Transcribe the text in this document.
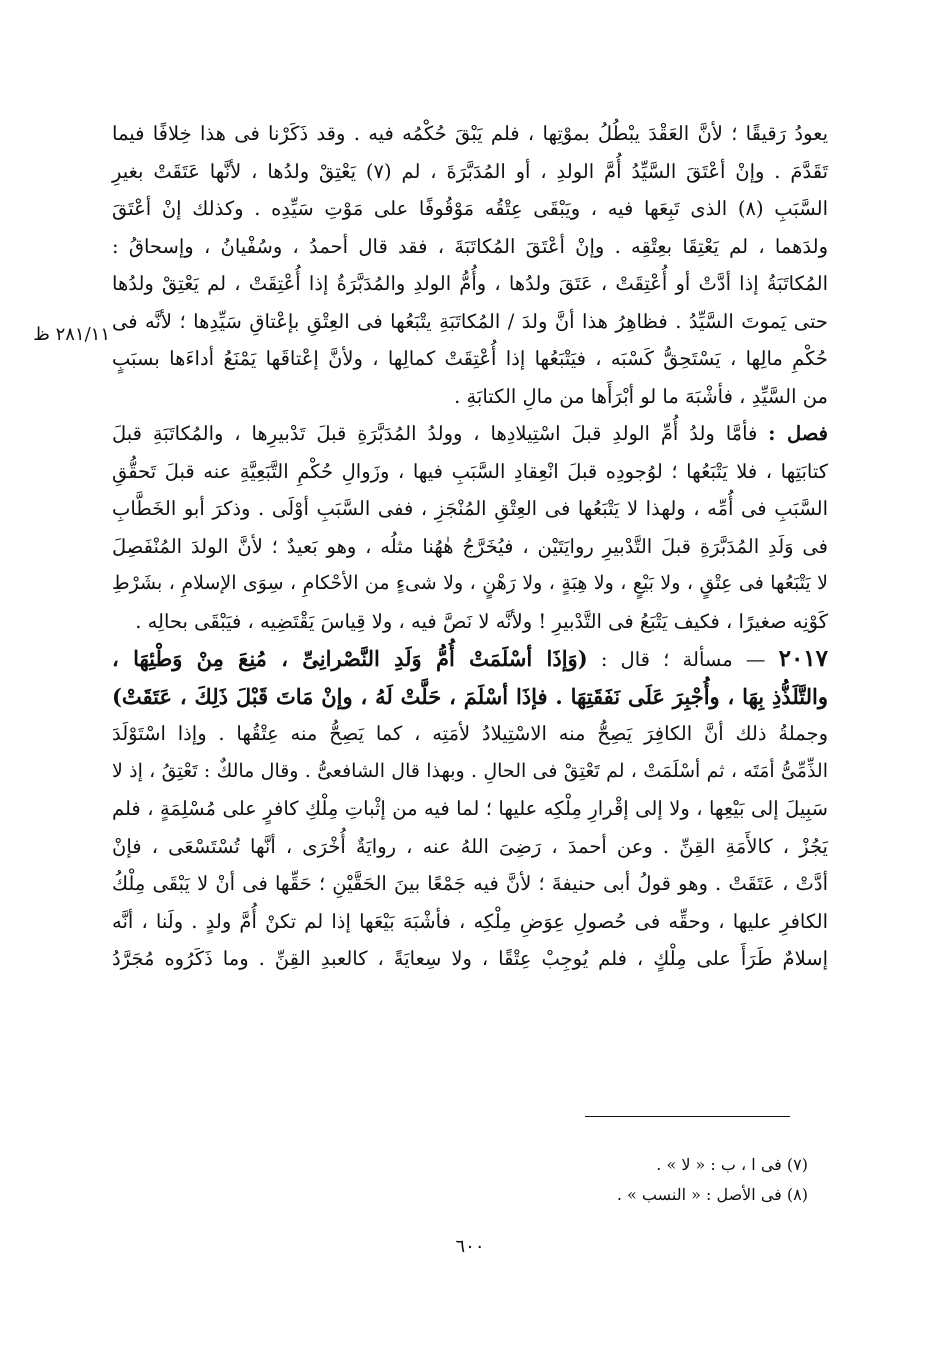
٢٨١/١١ ظ
يعودُ رَقيقًا ؛ لأنَّ العَقْدَ يبْطُلُ بموْتِها ، فلم يَبْقَ حُكْمُه فيه . وقد ذَكَرْنا فى هذا خِلافًا فيما
تَقَدَّمَ . وإنْ أعْتَقَ السَّيِّدُ أُمَّ الولدِ ، أو المُدَبَّرَةَ ، لم (٧) يَعْتِقْ ولدُها ، لأنَّها عَتَقَتْ بغيرِ
السَّبَبِ (٨) الذى تَبِعَها فيه ، ويَبْقَى عِتْقُه مَوْقُوفًا على مَوْتِ سَيِّدِه . وكذلك إنْ أعْتَقَ
ولدَهما ، لم يَعْتِقَا بعِتْقِه . وإنْ أعْتَقَ المُكاتَبَةَ ، فقد قال أحمدُ ، وسُفْيانُ ، وإسحاقُ :
المُكاتَبَةُ إذا أدَّتْ أو أُعْتِقَتْ ، عَتَقَ ولدُها ، وأُمُّ الولدِ والمُدَبَّرَةُ إذا أُعْتِقَتْ ، لم يَعْتِقْ ولدُها
حتى يَموتَ السَّيِّدُ . فظاهِرُ هذا أنَّ ولدَ / المُكاتَبَةِ يتْبَعُها فى العِتْقِ بإعْتاقِ سَيِّدِها ؛ لأنَّه فى
حُكْمِ مالِها ، يَسْتَحِقُّ كَسْبَه ، فيَتْبَعُها إذا أُعْتِقَتْ كمالِها ، ولأنَّ إعْتاقَها يَمْنَعُ أداءَها بسبَبٍ
من السَّيِّدِ ، فأشْبَهَ ما لو أبْرَأَها من مالِ الكتابَةِ .
فصل : فأمَّا ولدُ أُمِّ الولدِ قبلَ اسْتِيلادِها ، وولدُ المُدَبَّرَةِ قبلَ تَدْبيرِها ، والمُكاتَبَةِ قبلَ
كتابَتِها ، فلا يَتْبَعُها ؛ لوُجودِه قبلَ انْعِقادِ السَّبَبِ فيها ، وزَوالِ حُكْمِ التَّبَعِيَّةِ عنه قبلَ تَحقُّقِ
السَّبَبِ فى أُمِّه ، ولهذا لا يَتْبَعُها فى العِتْقِ المُنْجَزِ ، ففى السَّبَبِ أوْلَى . وذكرَ أبو الخَطَّابِ
فى وَلَدِ المُدَبَّرَةِ قبلَ التَّدْبيرِ روايَتَيْن ، فيُخَرَّجُ هٰهُنا مثلُه ، وهو بَعيدٌ ؛ لأنَّ الولدَ المُنْفَصِلَ
لا يَتْبَعُها فى عِتْقٍ ، ولا بَيْعٍ ، ولا هِبَةٍ ، ولا رَهْنٍ ، ولا شىءٍ من الأحْكامِ ، سِوَى الإسلامِ ، بشَرْطِ
كَوْنِه صغيرًا ، فكيف يَتْبَعُ فى التَّدْبيرِ ! ولأنَّه لا نَصَّ فيه ، ولا قِياسَ يَقْتَضِيه ، فيَبْقَى بحالِه .
٢٠١٧ — مسألة ؛ قال : (وَإذَا أسْلَمَتْ أُمُّ وَلَدِ النَّصْرانِىِّ ، مُنِعَ مِنْ وَطْئِهَا ،
والتَّلَذُّذِ بِهَا ، وأُجْبِرَ عَلَى نَفَقَتِهَا . فإذَا أسْلَمَ ، حَلَّتْ لَهُ ، وإنْ مَاتَ قَبْلَ ذَلِكَ ، عَتَقَتْ)
وجملةُ ذلك أنَّ الكافِرَ يَصِحُّ منه الاسْتِيلادُ لأمَتِه ، كما يَصِحُّ منه عِتْقُها . وإذا اسْتَوْلَدَ
الذِّمِّىُّ أمَتَه ، ثم أسْلَمَتْ ، لم تَعْتِقْ فى الحالِ . وبهذا قال الشافعىُّ . وقال مالكٌ : تَعْتِقُ ، إذ لا
سَبِيلَ إلى بَيْعِها ، ولا إلى إقْرارِ مِلْكِه عليها ؛ لما فيه من إثْباتِ مِلْكِ كافرٍ على مُسْلِمَةٍ ، فلم
يَجُزْ ، كالأَمَةِ القِنِّ . وعن أحمدَ ، رَضِىَ اللهُ عنه ، روايَةٌ أُخْرَى ، أنَّها تُسْتَسْعَى ، فإنْ
أدَّتْ ، عَتَقَتْ . وهو قولُ أبى حنيفةَ ؛ لأنَّ فيه جَمْعًا بينَ الحَقَّيْنِ ؛ حَقِّها فى أنْ لا يَبْقَى مِلْكُ
الكافرِ عليها ، وحقِّه فى حُصولِ عِوَضِ مِلْكِه ، فأشْبَهَ بَيْعَها إذا لم تكنْ أُمَّ ولدٍ . ولَنا ، أنَّه
إسلامٌ طَرَأَ على مِلْكٍ ، فلم يُوجِبْ عِتْقًا ، ولا سِعايَةً ، كالعبدِ القِنِّ . وما ذَكَرُوه مُجَرَّدُ
(٧) فى ا ، ب : « لا » .
(٨) فى الأصل : « النسب » .
٦٠٠
